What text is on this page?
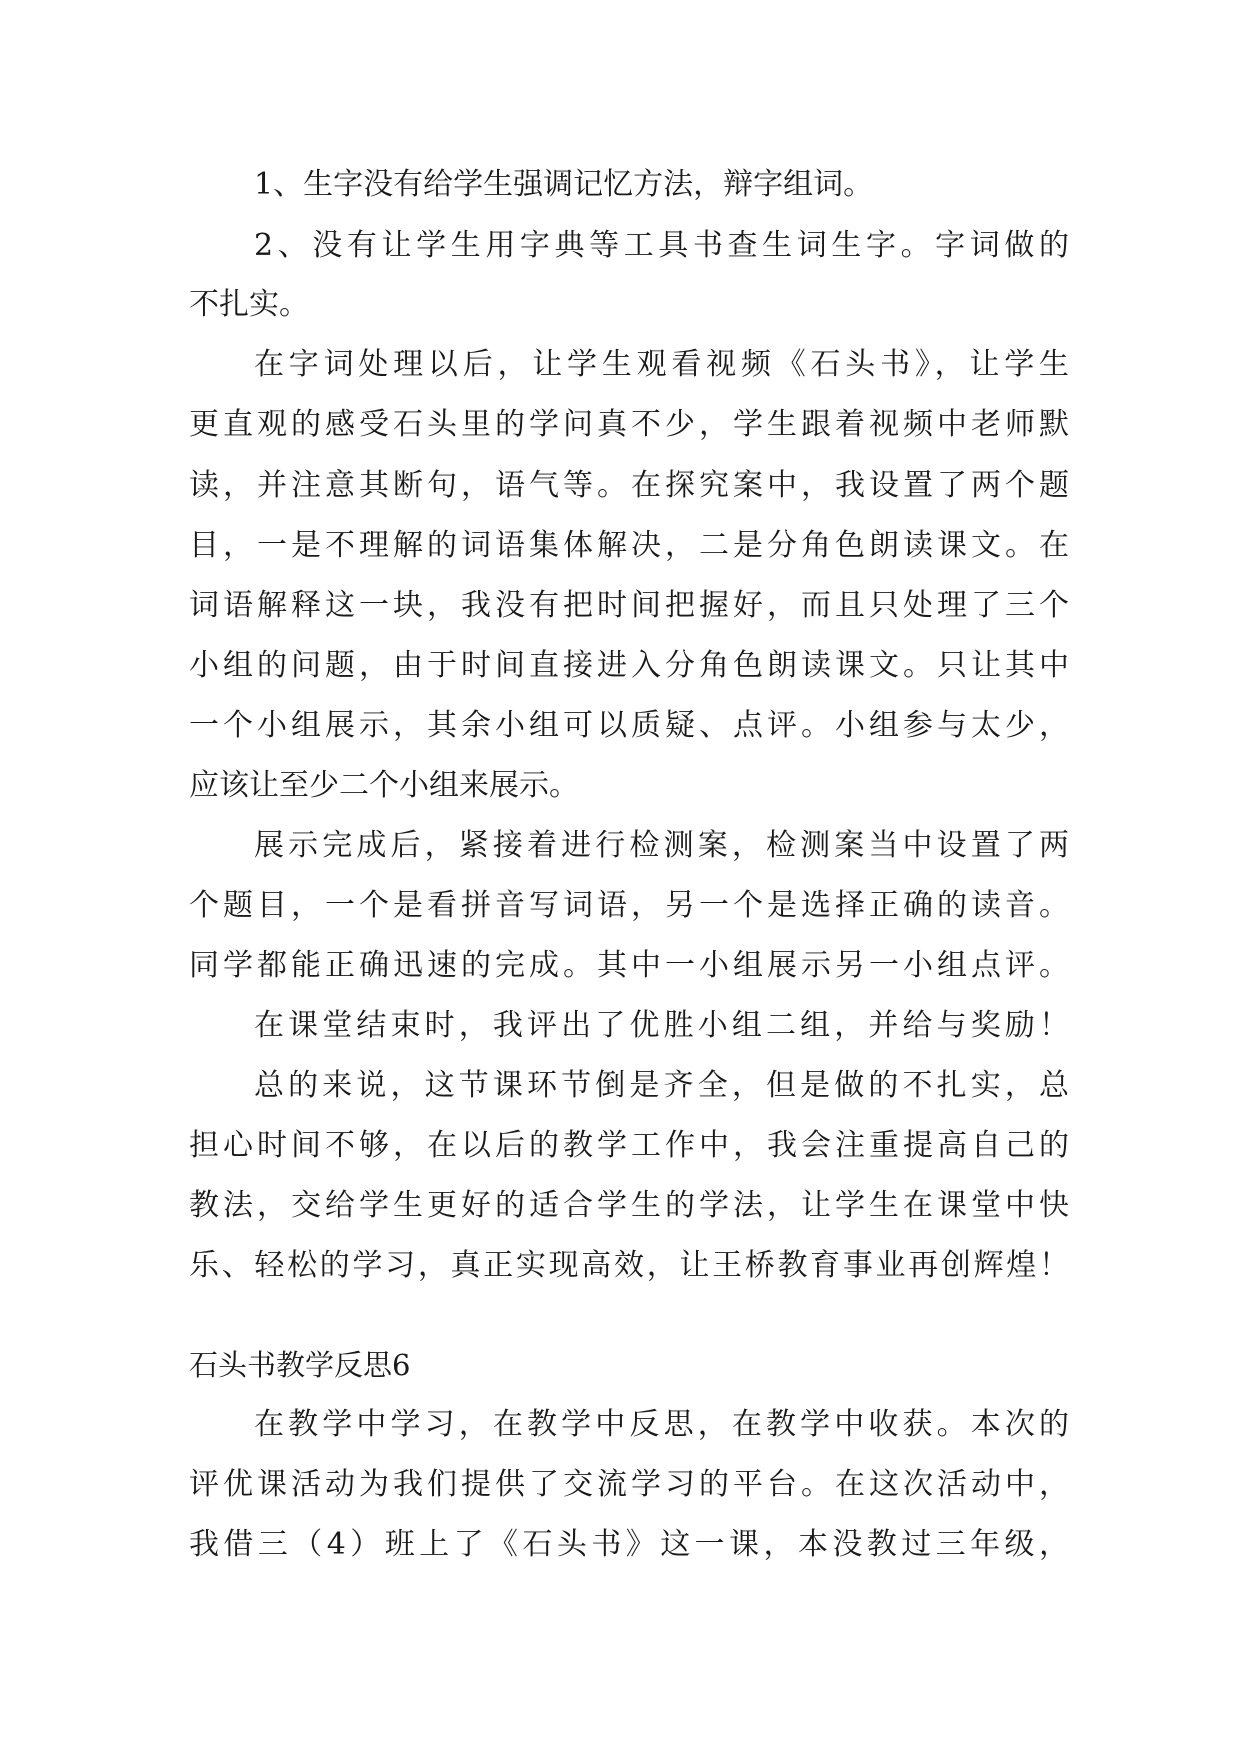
1、生字没有给学生强调记忆方法，辩字组词。
2、没有让学生用字典等工具书查生词生字。字词做的
不扎实。
在字词处理以后，让学生观看视频《石头书》，让学生
更直观的感受石头里的学问真不少，学生跟着视频中老师默
读，并注意其断句，语气等。在探究案中，我设置了两个题
目，一是不理解的词语集体解决，二是分角色朗读课文。在
词语解释这一块，我没有把时间把握好，而且只处理了三个
小组的问题，由于时间直接进入分角色朗读课文。只让其中
一个小组展示，其余小组可以质疑、点评。小组参与太少，
应该让至少二个小组来展示。
展示完成后，紧接着进行检测案，检测案当中设置了两
个题目，一个是看拼音写词语，另一个是选择正确的读音。
同学都能正确迅速的完成。其中一小组展示另一小组点评。
在课堂结束时，我评出了优胜小组二组，并给与奖励！
总的来说，这节课环节倒是齐全，但是做的不扎实，总
担心时间不够，在以后的教学工作中，我会注重提高自己的
教法，交给学生更好的适合学生的学法，让学生在课堂中快
乐、轻松的学习，真正实现高效，让王桥教育事业再创辉煌！
石头书教学反思6
在教学中学习，在教学中反思，在教学中收获。本次的
评优课活动为我们提供了交流学习的平台。在这次活动中，
我借三（4）班上了《石头书》这一课，本没教过三年级，
